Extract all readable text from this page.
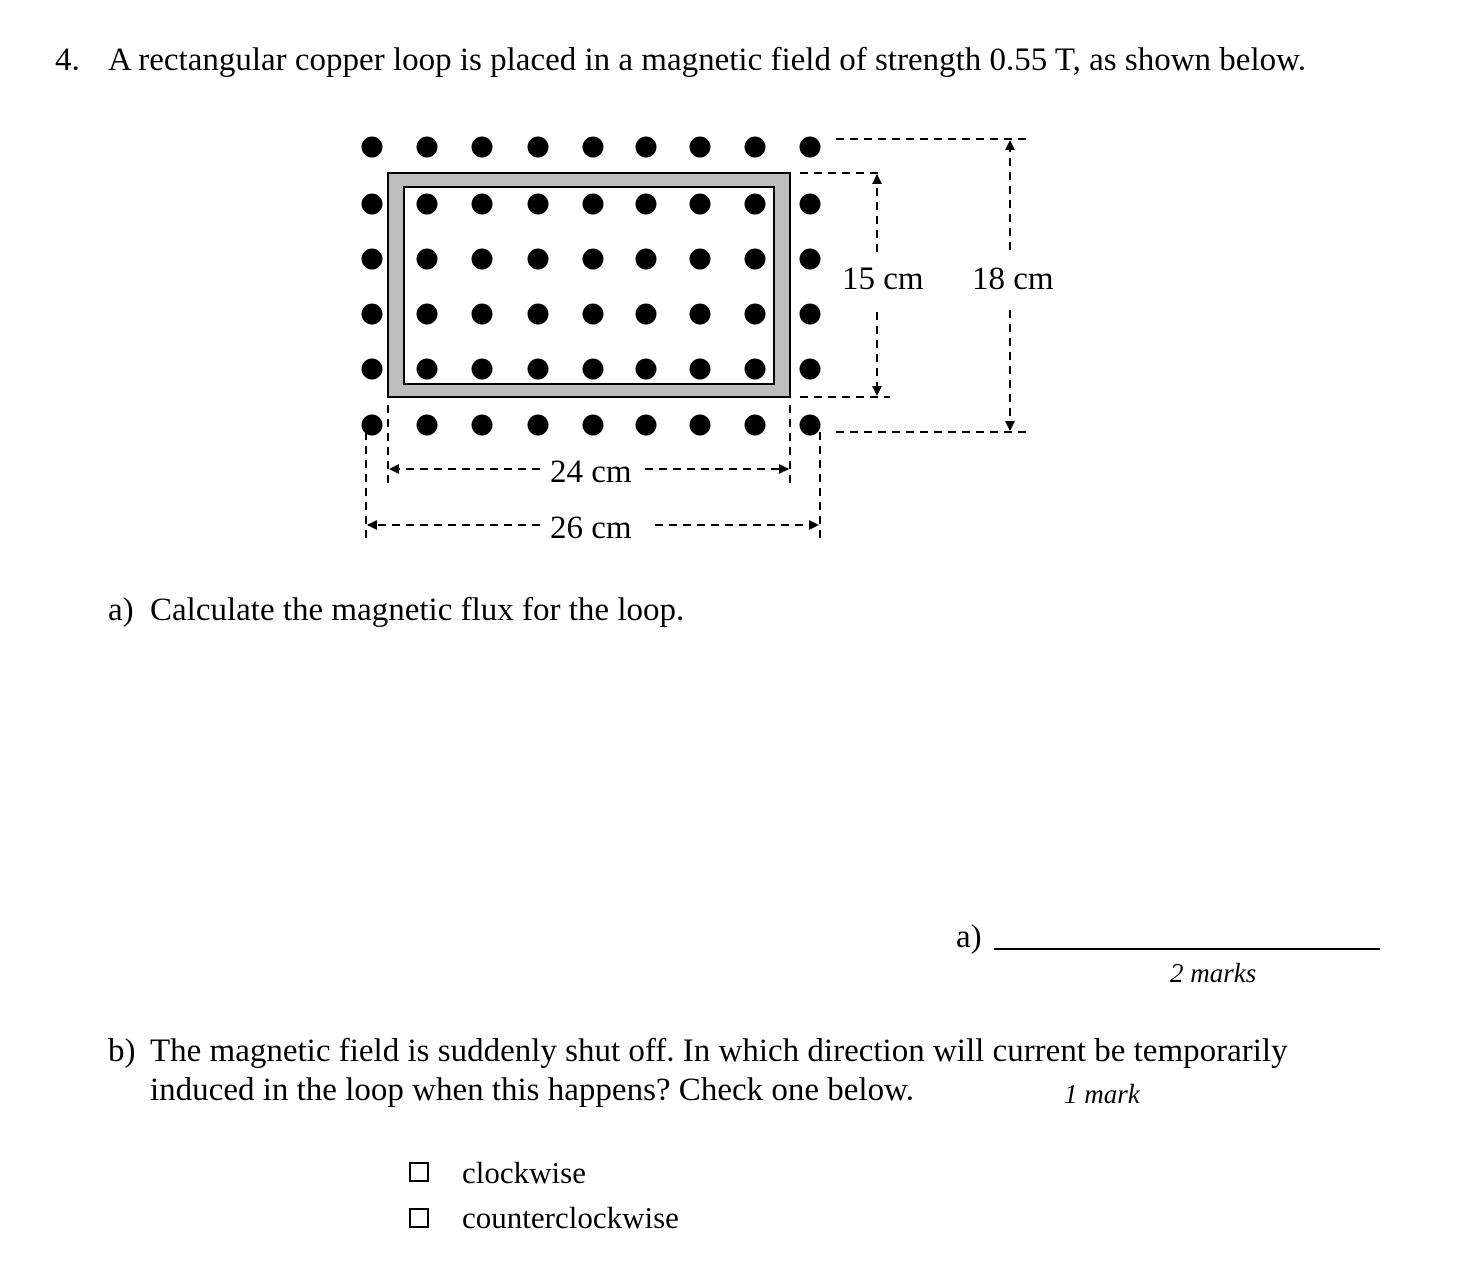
4. A rectangular copper loop is placed in a magnetic field of strength 0.55 T, as shown below.
15 cm 18 cm
24 cm
26 cm
a) Calculate the magnetic flux for the loop.
a)
2 marks
b) The magnetic field is suddenly shut off. In which direction will current be temporarily
induced in the loop when this happens? Check one below.	1 mark
clockwise
counterclockwise
